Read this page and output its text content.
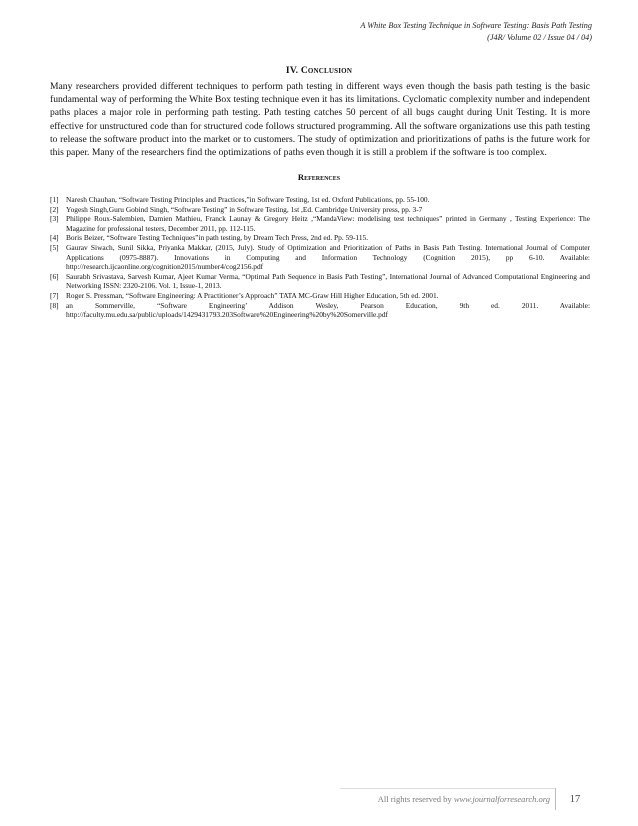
A White Box Testing Technique in Software Testing: Basis Path Testing
(J4R/ Volume 02 / Issue 04 / 04)
IV. Conclusion

Many researchers provided different techniques to perform path testing in different ways even though the basis path testing is the basic fundamental way of performing the White Box testing technique even it has its limitations. Cyclomatic complexity number and independent paths places a major role in performing path testing. Path testing catches 50 percent of all bugs caught during Unit Testing. It is more effective for unstructured code than for structured code follows structured programming. All the software organizations use this path testing to release the software product into the market or to customers. The study of optimization and prioritizations of paths is the future work for this paper. Many of the researchers find the optimizations of paths even though it is still a problem if the software is too complex.

References
[1] Naresh Chauhan, “Software Testing Principles and Practices,”in Software Testing, 1st ed. Oxford Publications, pp. 55-100.
[2] Yogesh Singh,Guru Gobind Singh, “Software Testing” in Software Testing, 1st ,Ed. Cambridge University press, pp. 3-7
[3] Philippe Roux-Salembien, Damien Mathieu, Franck Launay & Gregory Heitz ,“MandaView: modelising test techniques” printed in Germany , Testing Experience: The Magazine for professional testers, December 2011, pp. 112-115.
[4] Boris Beizer, “Software Testing Techniques”in path testing, by Dream Tech Press, 2nd ed. Pp. 59-115.
[5] Gaurav Siwach, Sunil Sikka, Priyanka Makkar, (2015, July). Study of Optimization and Prioritization of Paths in Basis Path Testing. International Journal of Computer Applications (0975-8887). Innovations in Computing and Information Technology (Cognition 2015), pp 6-10. Available: http://research.ijcaonline.org/cognition2015/number4/cog2156.pdf
[6] Saurabh Srivastava, Sarvesh Kumar, Ajeet Kumar Verma, “Optimal Path Sequence in Basis Path Testing”, International Journal of Advanced Computational Engineering and Networking ISSN: 2320-2106. Vol. 1, Issue-1, 2013.
[7] Roger S. Pressman, “Software Engineering: A Practitioner’s Approach” TATA MC-Graw Hill Higher Education, 5th ed. 2001.
[8] an Sommerville, “Software Engineering’ Addison Wesley, Pearson Education, 9th ed. 2011. Available: http://faculty.mu.edu.sa/public/uploads/1429431793.203Software%20Engineering%20by%20Somerville.pdf
All rights reserved by www.journalforresearch.org	17
